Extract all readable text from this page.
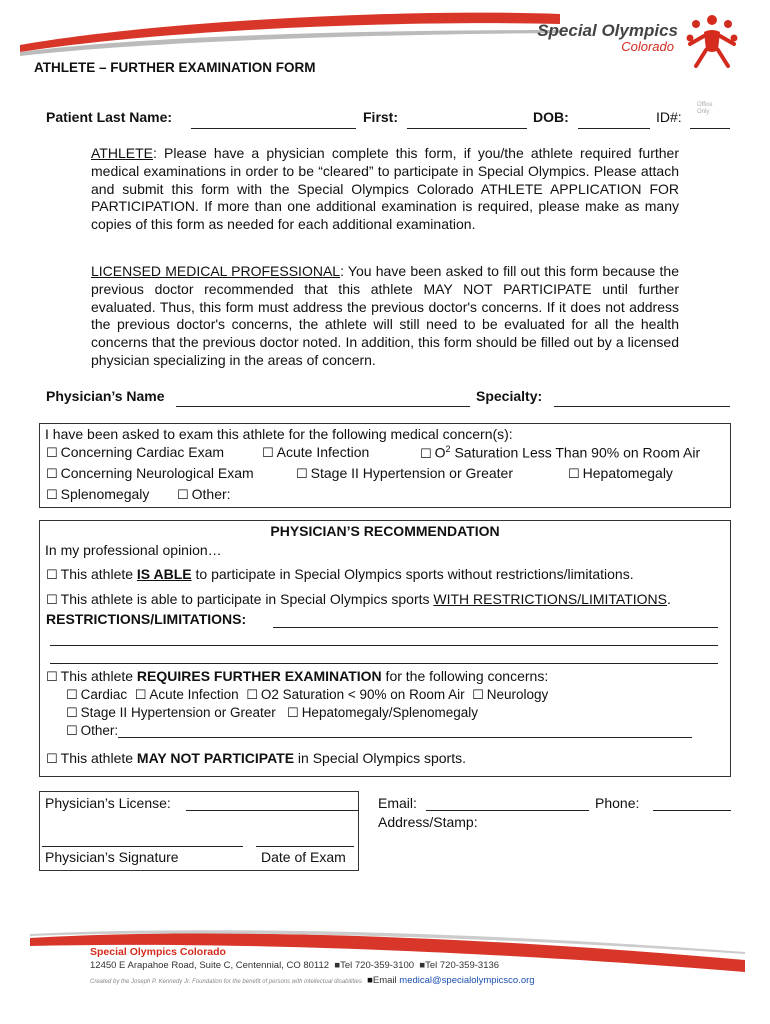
Special Olympics
Colorado
ATHLETE – FURTHER EXAMINATION FORM
Patient Last Name:	First:	DOB:	ID#:
Office Only
ATHLETE: Please have a physician complete this form, if you/the athlete required further medical examinations in order to be “cleared” to participate in Special Olympics. Please attach and submit this form with the Special Olympics Colorado ATHLETE APPLICATION FOR PARTICIPATION. If more than one additional examination is required, please make as many copies of this form as needed for each additional examination.
LICENSED MEDICAL PROFESSIONAL: You have been asked to fill out this form because the previous doctor recommended that this athlete MAY NOT PARTICIPATE until further evaluated. Thus, this form must address the previous doctor's concerns. If it does not address the previous doctor's concerns, the athlete will still need to be evaluated for all the health concerns that the previous doctor noted. In addition, this form should be filled out by a licensed physician specializing in the areas of concern.
Physician’s Name	Specialty:
I have been asked to exam this athlete for the following medical concern(s):
☐ Concerning Cardiac Exam	☐ Acute Infection	☐ $O^2$ Saturation Less Than 90% on Room Air
☐ Concerning Neurological Exam	☐ Stage II Hypertension or Greater	☐ Hepatomegaly
☐ Splenomegaly ☐ Other:
PHYSICIAN’S RECOMMENDATION
In my professional opinion…
☐ This athlete IS ABLE to participate in Special Olympics sports without restrictions/limitations.
☐ This athlete is able to participate in Special Olympics sports WITH RESTRICTIONS/LIMITATIONS.
RESTRICTIONS/LIMITATIONS:
☐ This athlete REQUIRES FURTHER EXAMINATION for the following concerns:
☐ Cardiac ☐ Acute Infection ☐ O2 Saturation < 90% on Room Air ☐ Neurology
☐ Stage II Hypertension or Greater ☐ Hepatomegaly/Splenomegaly
☐ Other:
☐ This athlete MAY NOT PARTICIPATE in Special Olympics sports.
Physician’s License:
Physician’s Signature	Date of Exam
Email:	Phone:
Address/Stamp:
Special Olympics Colorado
12450 E Arapahoe Road, Suite C, Centennial, CO 80112 ■Tel 720-359-3100 ■Tel 720-359-3136
Created by the Joseph P. Kennedy Jr. Foundation for the benefit of persons with intellectual disabilities ■Email medical@specialolympicsco.org
